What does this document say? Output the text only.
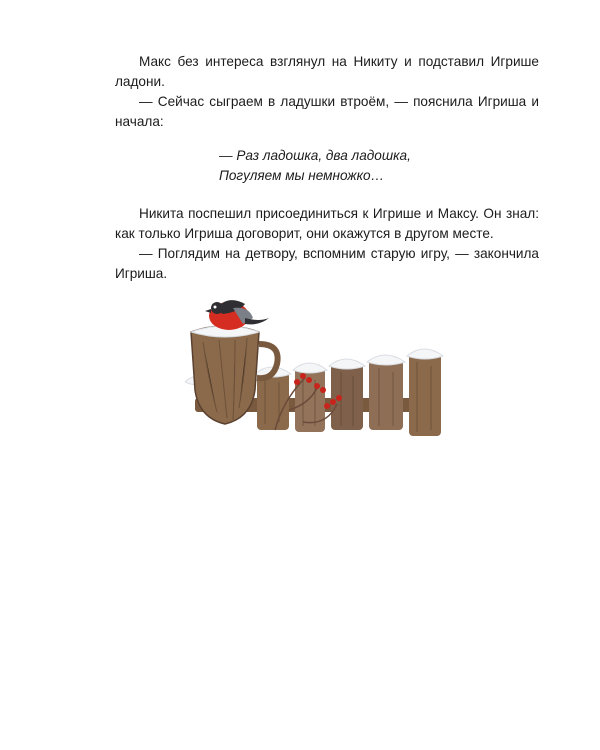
Макс без интереса взглянул на Никиту и подставил Игрише ладони.

— Сейчас сыграем в ладушки втроём, — пояснила Игриша и начала:

— Раз ладошка, два ладошка,
Погуляем мы немножко…

Никита поспешил присоединиться к Игрише и Максу. Он знал: как только Игриша договорит, они окажутся в другом месте.

— Поглядим на детвору, вспомним старую игру, — закончила Игриша.
